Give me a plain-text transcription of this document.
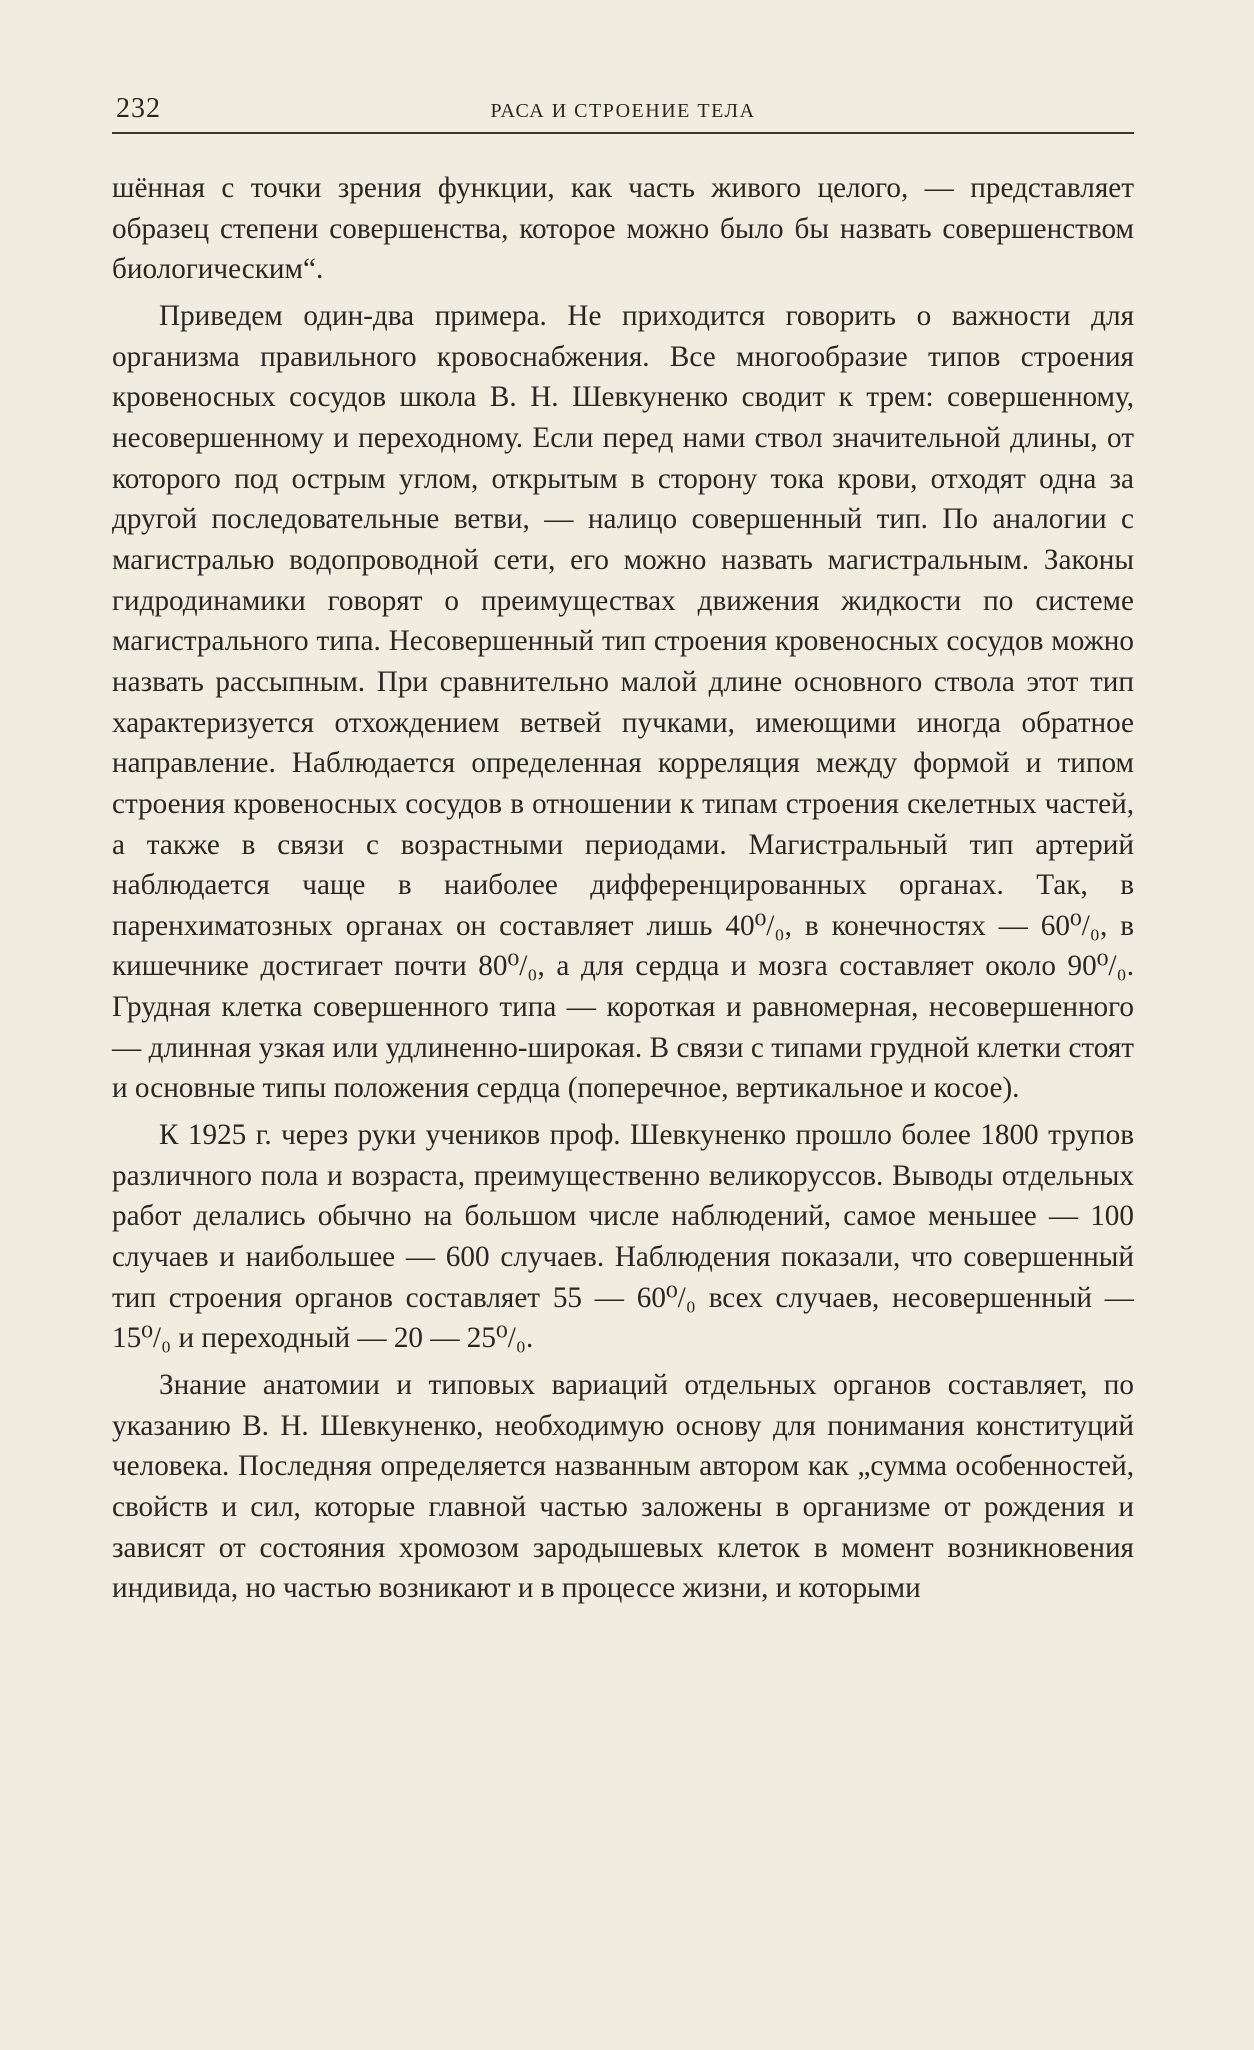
232	РАСА И СТРОЕНИЕ ТЕЛА

шённая с точки зрения функции, как часть живого целого, — представляет образец степени совершенства, которое можно было бы назвать совершенством биологическим“.

Приведем один-два примера. Не приходится говорить о важности для организма правильного кровоснабжения. Все многообразие типов строения кровеносных сосудов школа В. Н. Шевкуненко сводит к трем: совершенному, несовершенному и переходному. Если перед нами ствол значительной длины, от которого под острым углом, открытым в сторону тока крови, отходят одна за другой последовательные ветви, — налицо совершенный тип. По аналогии с магистралью водопроводной сети, его можно назвать магистральным. Законы гидродинамики говорят о преимуществах движения жидкости по системе магистрального типа. Несовершенный тип строения кровеносных сосудов можно назвать рассыпным. При сравнительно малой длине основного ствола этот тип характеризуется отхождением ветвей пучками, имеющими иногда обратное направление. Наблюдается определенная корреляция между формой и типом строения кровеносных сосудов в отношении к типам строения скелетных частей, а также в связи с возрастными периодами. Магистральный тип артерий наблюдается чаще в наиболее дифференцированных органах. Так, в паренхиматозных органах он составляет лишь 40⁰/₀, в конечностях — 60⁰/₀, в кишечнике достигает почти 80⁰/₀, а для сердца и мозга составляет около 90⁰/₀. Грудная клетка совершенного типа — короткая и равномерная, несовершенного — длинная узкая или удлиненно-широкая. В связи с типами грудной клетки стоят и основные типы положения сердца (поперечное, вертикальное и косое).

К 1925 г. через руки учеников проф. Шевкуненко прошло более 1800 трупов различного пола и возраста, преимущественно великоруссов. Выводы отдельных работ делались обычно на большом числе наблюдений, самое меньшее — 100 случаев и наибольшее — 600 случаев. Наблюдения показали, что совершенный тип строения органов составляет 55 — 60⁰/₀ всех случаев, несовершенный — 15⁰/₀ и переходный — 20 — 25⁰/₀.

Знание анатомии и типовых вариаций отдельных органов составляет, по указанию В. Н. Шевкуненко, необходимую основу для понимания конституций человека. Последняя определяется названным автором как „сумма особенностей, свойств и сил, которые главной частью заложены в организме от рождения и зависят от состояния хромозом зародышевых клеток в момент возникновения индивида, но частью возникают и в процессе жизни, и которыми
